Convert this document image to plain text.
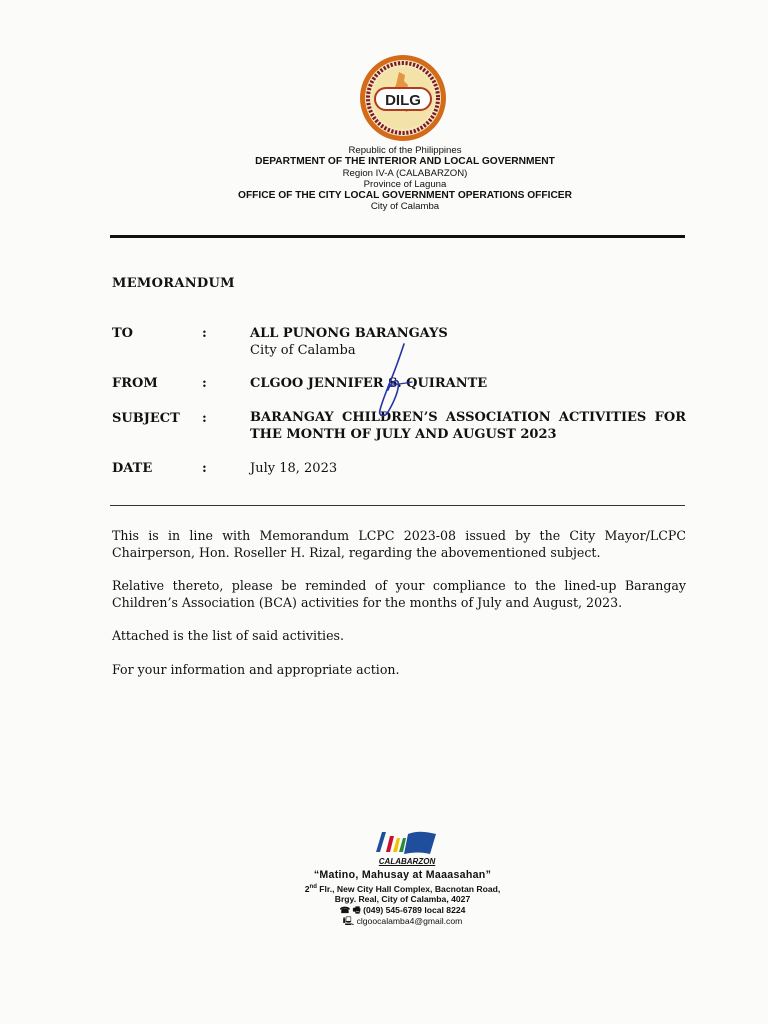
DILG
Republic of the Philippines
DEPARTMENT OF THE INTERIOR AND LOCAL GOVERNMENT
Region IV-A (CALABARZON)
Province of Laguna
OFFICE OF THE CITY LOCAL GOVERNMENT OPERATIONS OFFICER
City of Calamba
MEMORANDUM
TO	:	ALL PUNONG BARANGAYS
City of Calamba
FROM	:	CLGOO JENNIFER S. QUIRANTE
SUBJECT :	BARANGAY CHILDREN’S ASSOCIATION ACTIVITIES FOR THE MONTH OF JULY AND AUGUST 2023
DATE	:	July 18, 2023
This is in line with Memorandum LCPC 2023-08 issued by the City Mayor/LCPC Chairperson, Hon. Roseller H. Rizal, regarding the abovementioned subject.
Relative thereto, please be reminded of your compliance to the lined-up Barangay Children’s Association (BCA) activities for the months of July and August, 2023.
Attached is the list of said activities.
For your information and appropriate action.
CALABARZON
“Matino, Mahusay at Maaasahan”
2nd Flr., New City Hall Complex, Bacnotan Road,
Brgy. Real, City of Calamba, 4027
☎ 🖷 (049) 545-6789 local 8224
🖳 clgoocalamba4@gmail.com
